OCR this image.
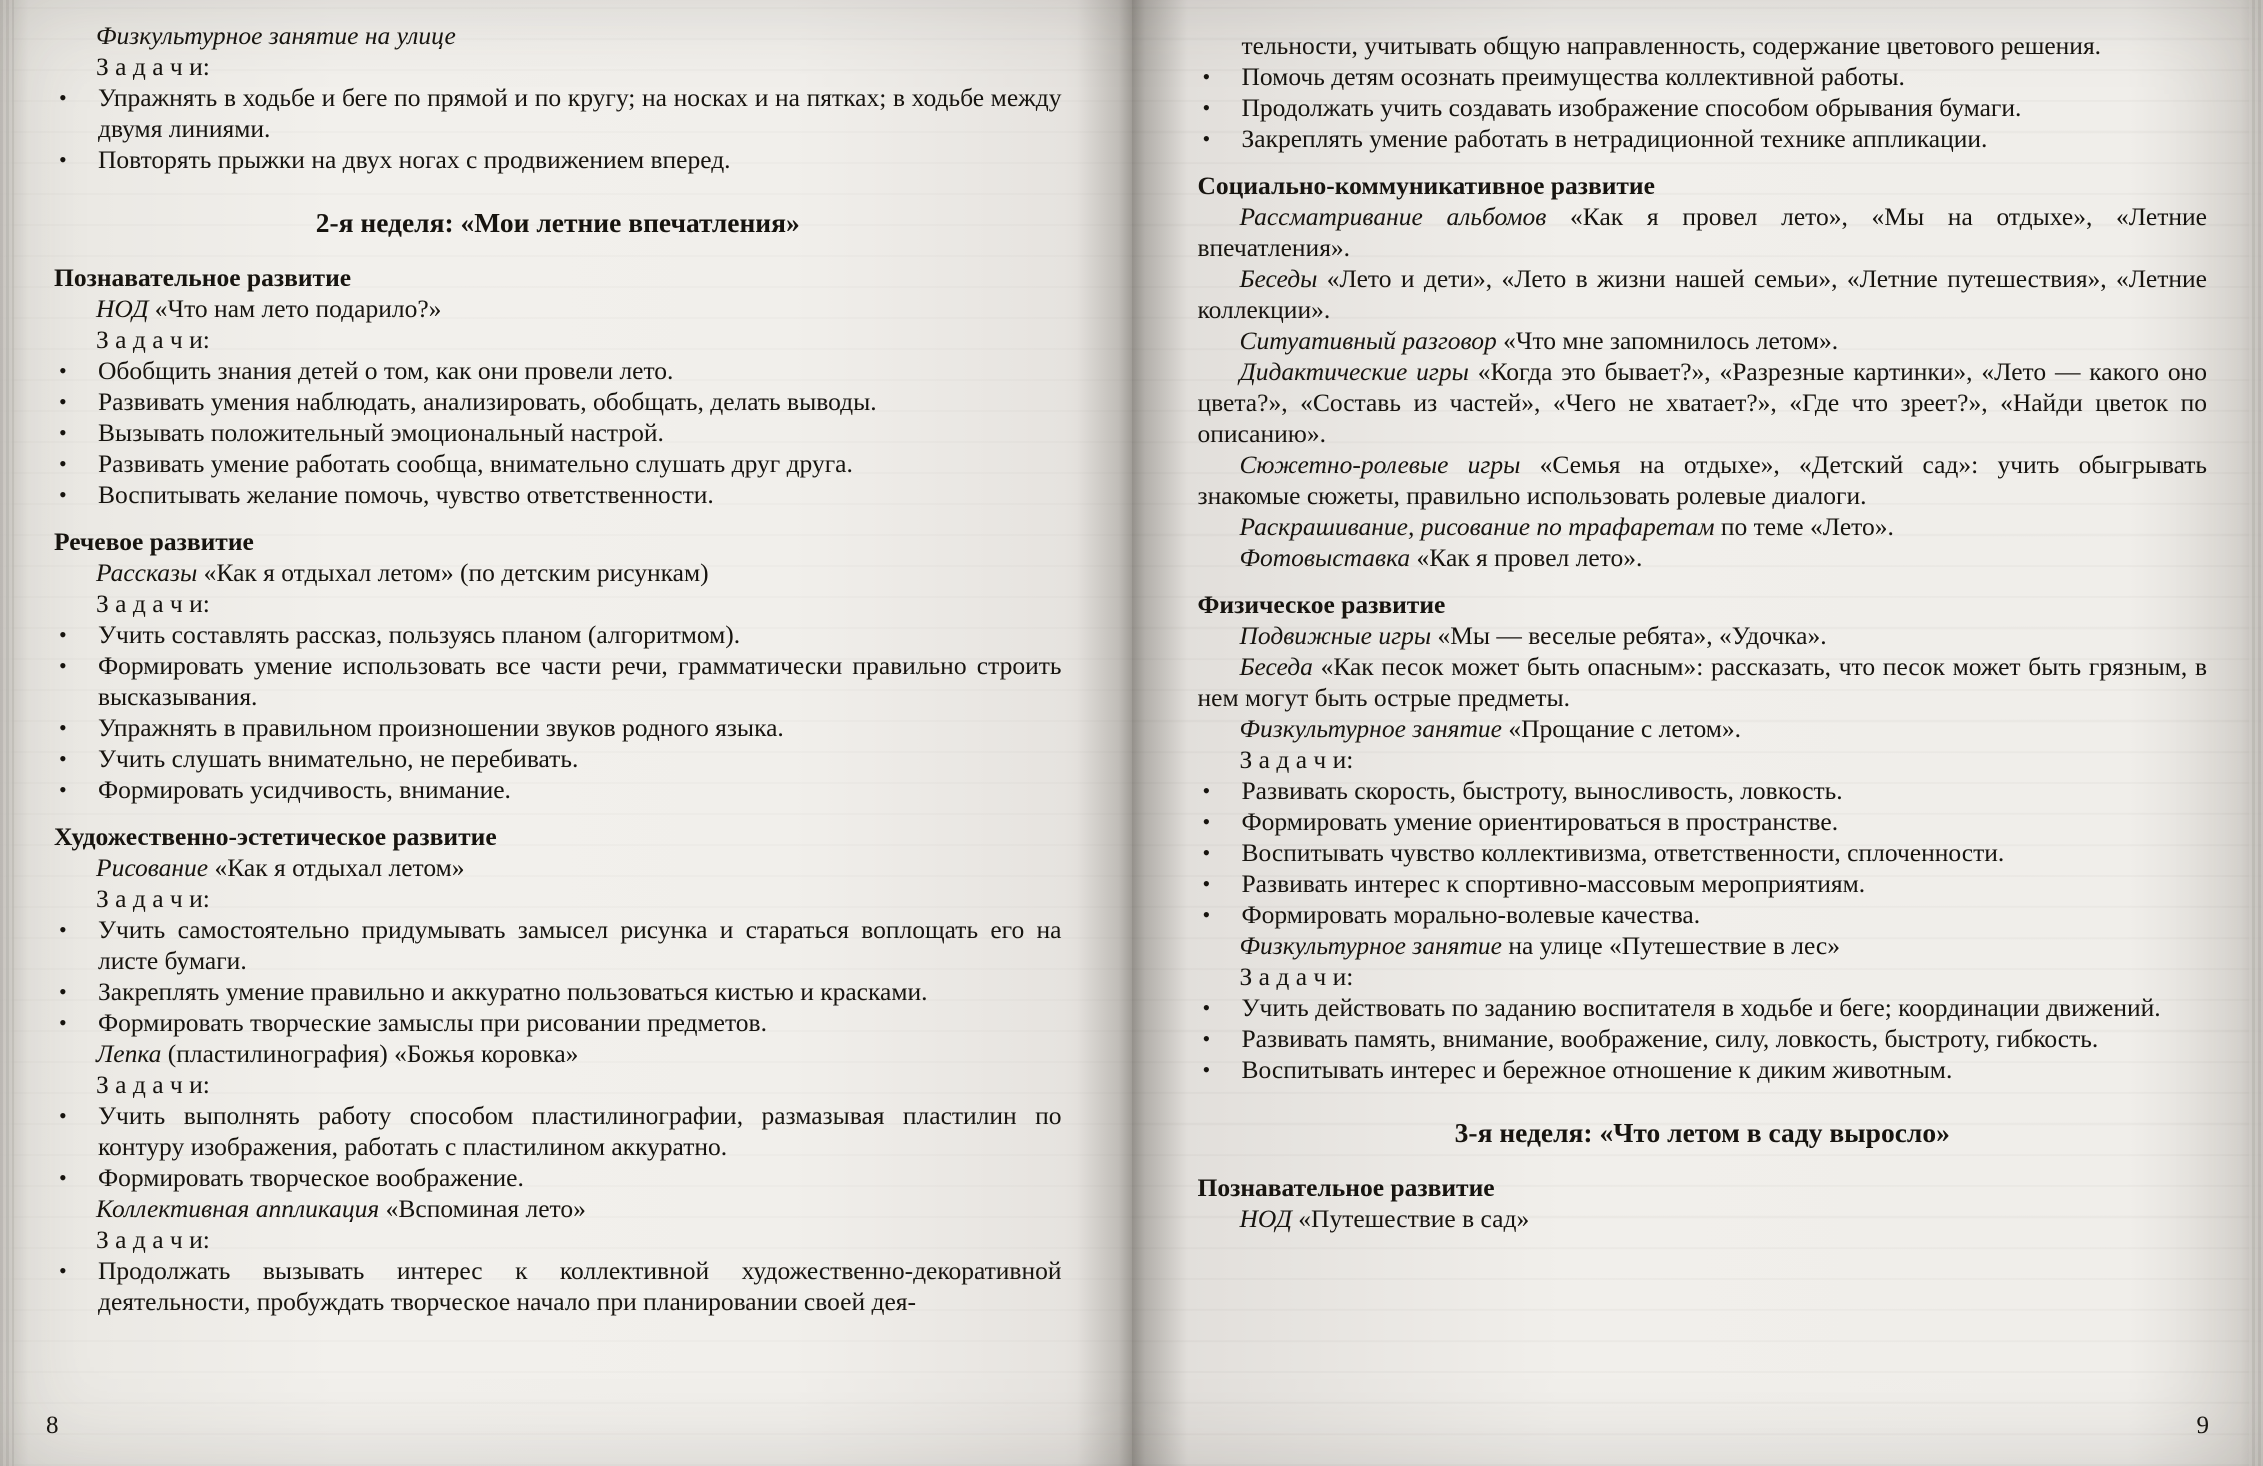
Физкультурное занятие на улице
З а д а ч и:
• Упражнять в ходьбе и беге по прямой и по кругу; на носках и на пятках; в ходьбе между двумя линиями.
• Повторять прыжки на двух ногах с продвижением вперед.
2-я неделя: «Мои летние впечатления»
Познавательное развитие
НОД «Что нам лето подарило?»
З а д а ч и:
• Обобщить знания детей о том, как они провели лето.
• Развивать умения наблюдать, анализировать, обобщать, делать выводы.
• Вызывать положительный эмоциональный настрой.
• Развивать умение работать сообща, внимательно слушать друг друга.
• Воспитывать желание помочь, чувство ответственности.
Речевое развитие
Рассказы «Как я отдыхал летом» (по детским рисункам)
З а д а ч и:
• Учить составлять рассказ, пользуясь планом (алгоритмом).
• Формировать умение использовать все части речи, грамматически правильно строить высказывания.
• Упражнять в правильном произношении звуков родного языка.
• Учить слушать внимательно, не перебивать.
• Формировать усидчивость, внимание.
Художественно-эстетическое развитие
Рисование «Как я отдыхал летом»
З а д а ч и:
• Учить самостоятельно придумывать замысел рисунка и стараться воплощать его на листе бумаги.
• Закреплять умение правильно и аккуратно пользоваться кистью и красками.
• Формировать творческие замыслы при рисовании предметов.
Лепка (пластилинография) «Божья коровка»
З а д а ч и:
• Учить выполнять работу способом пластилинографии, размазывая пластилин по контуру изображения, работать с пластилином аккуратно.
• Формировать творческое воображение.
Коллективная аппликация «Вспоминая лето»
З а д а ч и:
• Продолжать вызывать интерес к коллективной художественно-декоративной деятельности, пробуждать творческое начало при планировании своей дея-
8
тельности, учитывать общую направленность, содержание цветового решения.
• Помочь детям осознать преимущества коллективной работы.
• Продолжать учить создавать изображение способом обрывания бумаги.
• Закреплять умение работать в нетрадиционной технике аппликации.
Социально-коммуникативное развитие
Рассматривание альбомов «Как я провел лето», «Мы на отдыхе», «Летние впечатления».
Беседы «Лето и дети», «Лето в жизни нашей семьи», «Летние путешествия», «Летние коллекции».
Ситуативный разговор «Что мне запомнилось летом».
Дидактические игры «Когда это бывает?», «Разрезные картинки», «Лето — какого оно цвета?», «Составь из частей», «Чего не хватает?», «Где что зреет?», «Найди цветок по описанию».
Сюжетно-ролевые игры «Семья на отдыхе», «Детский сад»: учить обыгрывать знакомые сюжеты, правильно использовать ролевые диалоги.
Раскрашивание, рисование по трафаретам по теме «Лето».
Фотовыставка «Как я провел лето».
Физическое развитие
Подвижные игры «Мы — веселые ребята», «Удочка».
Беседа «Как песок может быть опасным»: рассказать, что песок может быть грязным, в нем могут быть острые предметы.
Физкультурное занятие «Прощание с летом».
З а д а ч и:
• Развивать скорость, быстроту, выносливость, ловкость.
• Формировать умение ориентироваться в пространстве.
• Воспитывать чувство коллективизма, ответственности, сплоченности.
• Развивать интерес к спортивно-массовым мероприятиям.
• Формировать морально-волевые качества.
Физкультурное занятие на улице «Путешествие в лес»
З а д а ч и:
• Учить действовать по заданию воспитателя в ходьбе и беге; координации движений.
• Развивать память, внимание, воображение, силу, ловкость, быстроту, гибкость.
• Воспитывать интерес и бережное отношение к диким животным.
3-я неделя: «Что летом в саду выросло»
Познавательное развитие
НОД «Путешествие в сад»
9
